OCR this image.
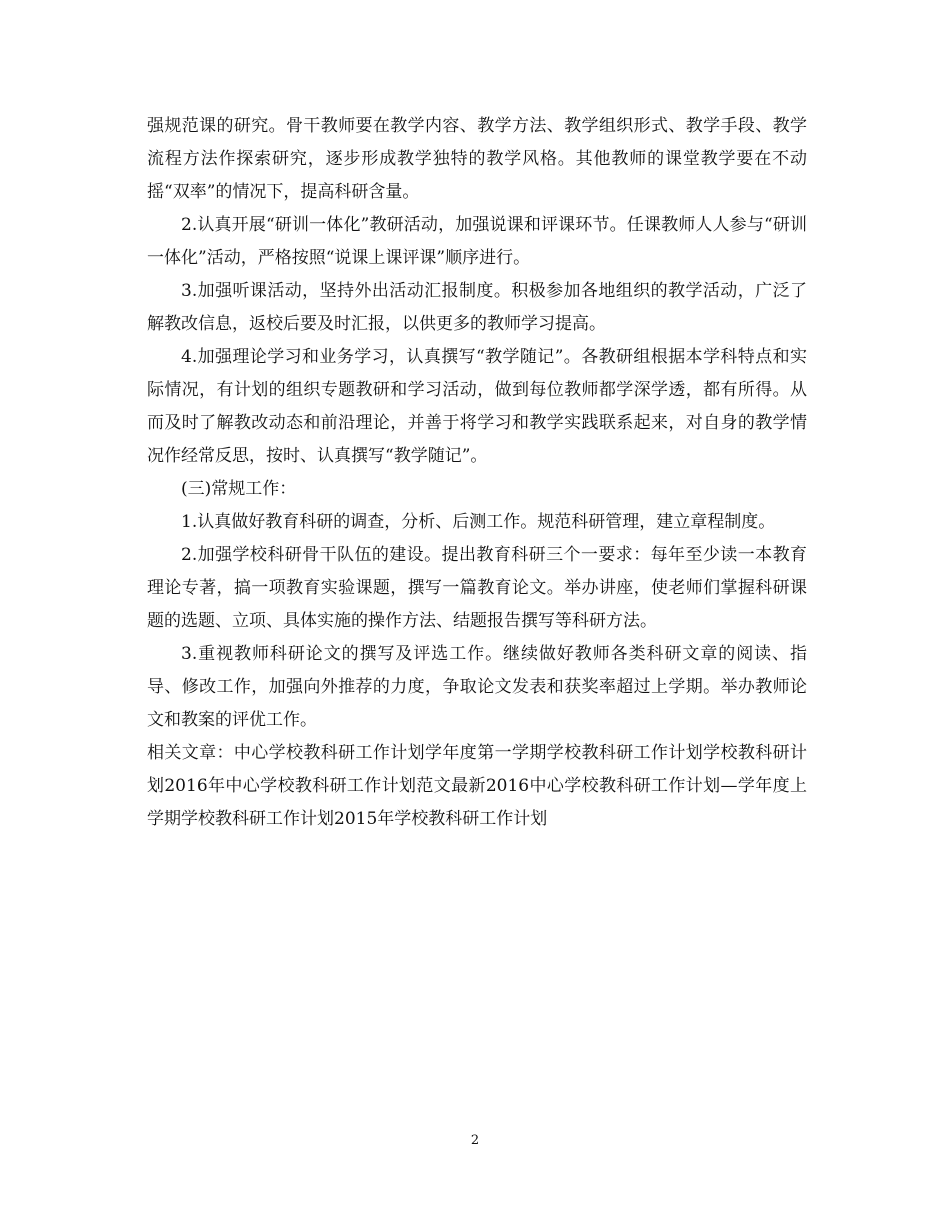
强规范课的研究。骨干教师要在教学内容、教学方法、教学组织形式、教学手段、教学流程方法作探索研究，逐步形成教学独特的教学风格。其他教师的课堂教学要在不动摇“双率”的情况下，提高科研含量。

2.认真开展“研训一体化”教研活动，加强说课和评课环节。任课教师人人参与“研训一体化”活动，严格按照“说课上课评课”顺序进行。

3.加强听课活动，坚持外出活动汇报制度。积极参加各地组织的教学活动，广泛了解教改信息，返校后要及时汇报，以供更多的教师学习提高。

4.加强理论学习和业务学习，认真撰写“教学随记”。各教研组根据本学科特点和实际情况，有计划的组织专题教研和学习活动，做到每位教师都学深学透，都有所得。从而及时了解教改动态和前沿理论，并善于将学习和教学实践联系起来，对自身的教学情况作经常反思，按时、认真撰写“教学随记”。

(三)常规工作：

1.认真做好教育科研的调查，分析、后测工作。规范科研管理，建立章程制度。

2.加强学校科研骨干队伍的建设。提出教育科研三个一要求：每年至少读一本教育理论专著，搞一项教育实验课题，撰写一篇教育论文。举办讲座，使老师们掌握科研课题的选题、立项、具体实施的操作方法、结题报告撰写等科研方法。

3.重视教师科研论文的撰写及评选工作。继续做好教师各类科研文章的阅读、指导、修改工作，加强向外推荐的力度，争取论文发表和获奖率超过上学期。举办教师论文和教案的评优工作。

相关文章：中心学校教科研工作计划学年度第一学期学校教科研工作计划学校教科研计划2016年中心学校教科研工作计划范文最新2016中心学校教科研工作计划—学年度上学期学校教科研工作计划2015年学校教科研工作计划

2
